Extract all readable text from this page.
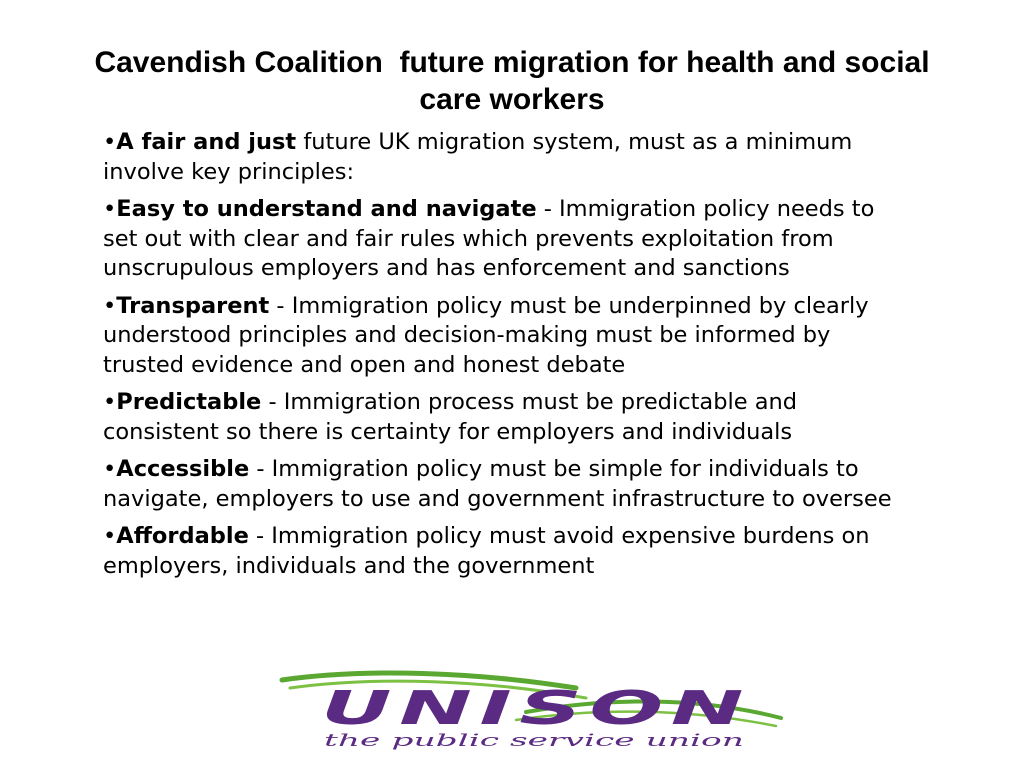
Cavendish Coalition  future migration for health and social care workers
•A fair and just future UK migration system, must as a minimum involve key principles:
•Easy to understand and navigate - Immigration policy needs to set out with clear and fair rules which prevents exploitation from unscrupulous employers and has enforcement and sanctions
•Transparent - Immigration policy must be underpinned by clearly understood principles and decision-making must be informed by trusted evidence and open and honest debate
•Predictable - Immigration process must be predictable and consistent so there is certainty for employers and individuals
•Accessible - Immigration policy must be simple for individuals to navigate, employers to use and government infrastructure to oversee
•Affordable - Immigration policy must avoid expensive burdens on employers, individuals and the government
UNISON
the public service union
